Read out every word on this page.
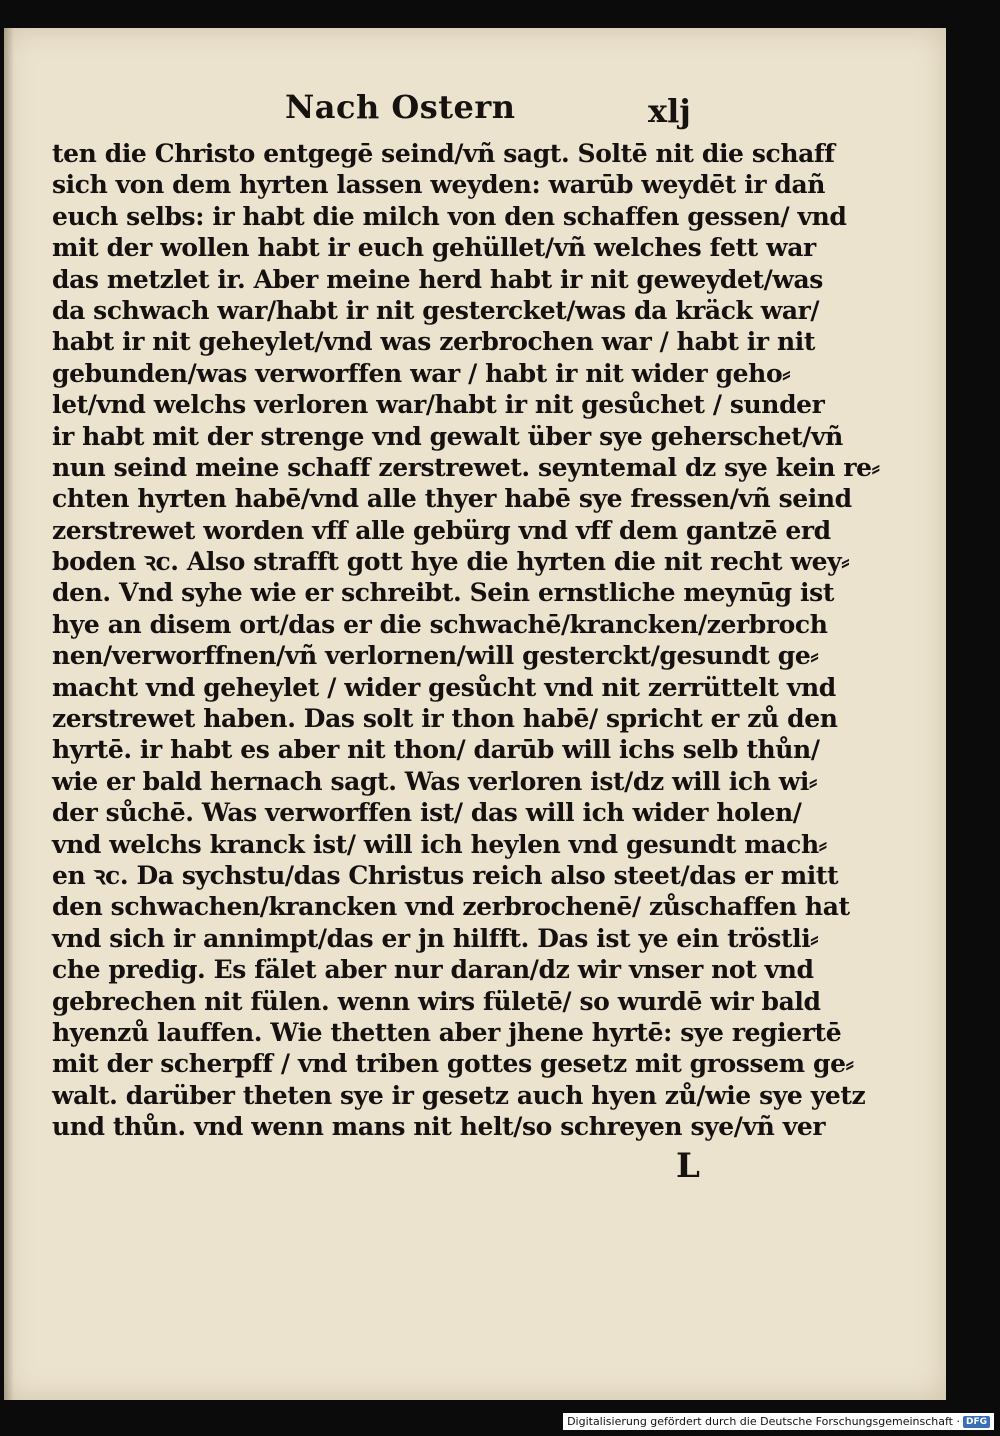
Nach Ostern	xlj
ten die Christo entgegē seind/vñ sagt. Soltē nit die schaff
sich von dem hyrten lassen weyden: warūb weydēt ir dañ
euch selbs: ir habt die milch von den schaffen gessen/ vnd
mit der wollen habt ir euch gehüllet/vñ welches fett war
das metzlet ir. Aber meine herd habt ir nit geweydet/was
da schwach war/habt ir nit gestercket/was da kräck war/
habt ir nit geheylet/vnd was zerbrochen war / habt ir nit
gebunden/was verworffen war / habt ir nit wider geho⸗
let/vnd welchs verloren war/habt ir nit gesůchet / sunder
ir habt mit der strenge vnd gewalt über sye geherschet/vñ
nun seind meine schaff zerstrewet. seyntemal dz sye kein re⸗
chten hyrten habē/vnd alle thyer habē sye fressen/vñ seind
zerstrewet worden vff alle gebürg vnd vff dem gantzē erd
boden ꝛc. Also strafft gott hye die hyrten die nit recht wey⸗
den. Vnd syhe wie er schreibt. Sein ernstliche meynūg ist
hye an disem ort/das er die schwachē/krancken/zerbroch
nen/verworffnen/vñ verlornen/will gesterckt/gesundt ge⸗
macht vnd geheylet / wider gesůcht vnd nit zerrüttelt vnd
zerstrewet haben. Das solt ir thon habē/ spricht er zů den
hyrtē. ir habt es aber nit thon/ darūb will ichs selb thůn/
wie er bald hernach sagt. Was verloren ist/dz will ich wi⸗
der sůchē. Was verworffen ist/ das will ich wider holen/
vnd welchs kranck ist/ will ich heylen vnd gesundt mach⸗
en ꝛc. Da sychstu/das Christus reich also steet/das er mitt
den schwachen/krancken vnd zerbrochenē/ zůschaffen hat
vnd sich ir annimpt/das er jn hilfft. Das ist ye ein tröstli⸗
che predig. Es fälet aber nur daran/dz wir vnser not vnd
gebrechen nit fülen. wenn wirs fületē/ so wurdē wir bald
hyenzů lauffen. Wie thetten aber jhene hyrtē: sye regiertē
mit der scherpff / vnd triben gottes gesetz mit grossem ge⸗
walt. darüber theten sye ir gesetz auch hyen zů/wie sye yetz
und thůn. vnd wenn mans nit helt/so schreyen sye/vñ ver
L
Digitalisierung gefördert durch die Deutsche Forschungsgemeinschaft · DFG
